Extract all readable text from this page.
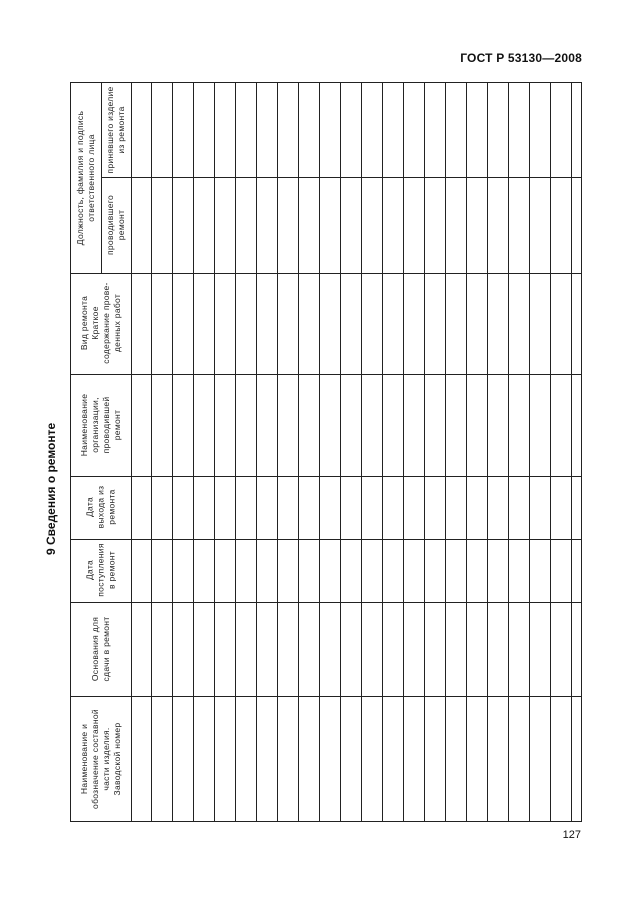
ГОСТ Р 53130—2008
9 Сведения о ремонте
Должность, фамилия и подпись ответственного лица
принявшего изделие из ремонта
проводившего ремонт
Вид ремонта Краткое содержание прове- денных работ
Наименование организации, проводившей ремонт
Дата выхода из ремонта
Дата поступления в ремонт
Основания для сдачи в ремонт
Наименование и обозначение составной части изделия. Заводской номер
127
